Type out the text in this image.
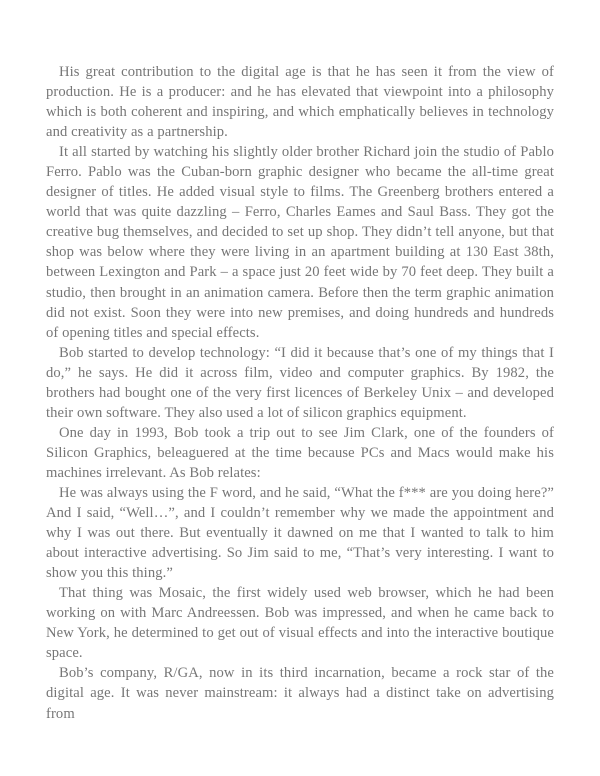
His great contribution to the digital age is that he has seen it from the view of production. He is a producer: and he has elevated that viewpoint into a philosophy which is both coherent and inspiring, and which emphatically believes in technology and creativity as a partnership.

It all started by watching his slightly older brother Richard join the studio of Pablo Ferro. Pablo was the Cuban-born graphic designer who became the all-time great designer of titles. He added visual style to films. The Greenberg brothers entered a world that was quite dazzling – Ferro, Charles Eames and Saul Bass. They got the creative bug themselves, and decided to set up shop. They didn’t tell anyone, but that shop was below where they were living in an apartment building at 130 East 38th, between Lexington and Park – a space just 20 feet wide by 70 feet deep. They built a studio, then brought in an animation camera. Before then the term graphic animation did not exist. Soon they were into new premises, and doing hundreds and hundreds of opening titles and special effects.

Bob started to develop technology: “I did it because that’s one of my things that I do,” he says. He did it across film, video and computer graphics. By 1982, the brothers had bought one of the very first licences of Berkeley Unix – and developed their own software. They also used a lot of silicon graphics equipment.

One day in 1993, Bob took a trip out to see Jim Clark, one of the founders of Silicon Graphics, beleaguered at the time because PCs and Macs would make his machines irrelevant. As Bob relates:

He was always using the F word, and he said, “What the f*** are you doing here?” And I said, “Well…”, and I couldn’t remember why we made the appointment and why I was out there. But eventually it dawned on me that I wanted to talk to him about interactive advertising. So Jim said to me, “That’s very interesting. I want to show you this thing.”

That thing was Mosaic, the first widely used web browser, which he had been working on with Marc Andreessen. Bob was impressed, and when he came back to New York, he determined to get out of visual effects and into the interactive boutique space.

Bob’s company, R/GA, now in its third incarnation, became a rock star of the digital age. It was never mainstream: it always had a distinct take on advertising from
